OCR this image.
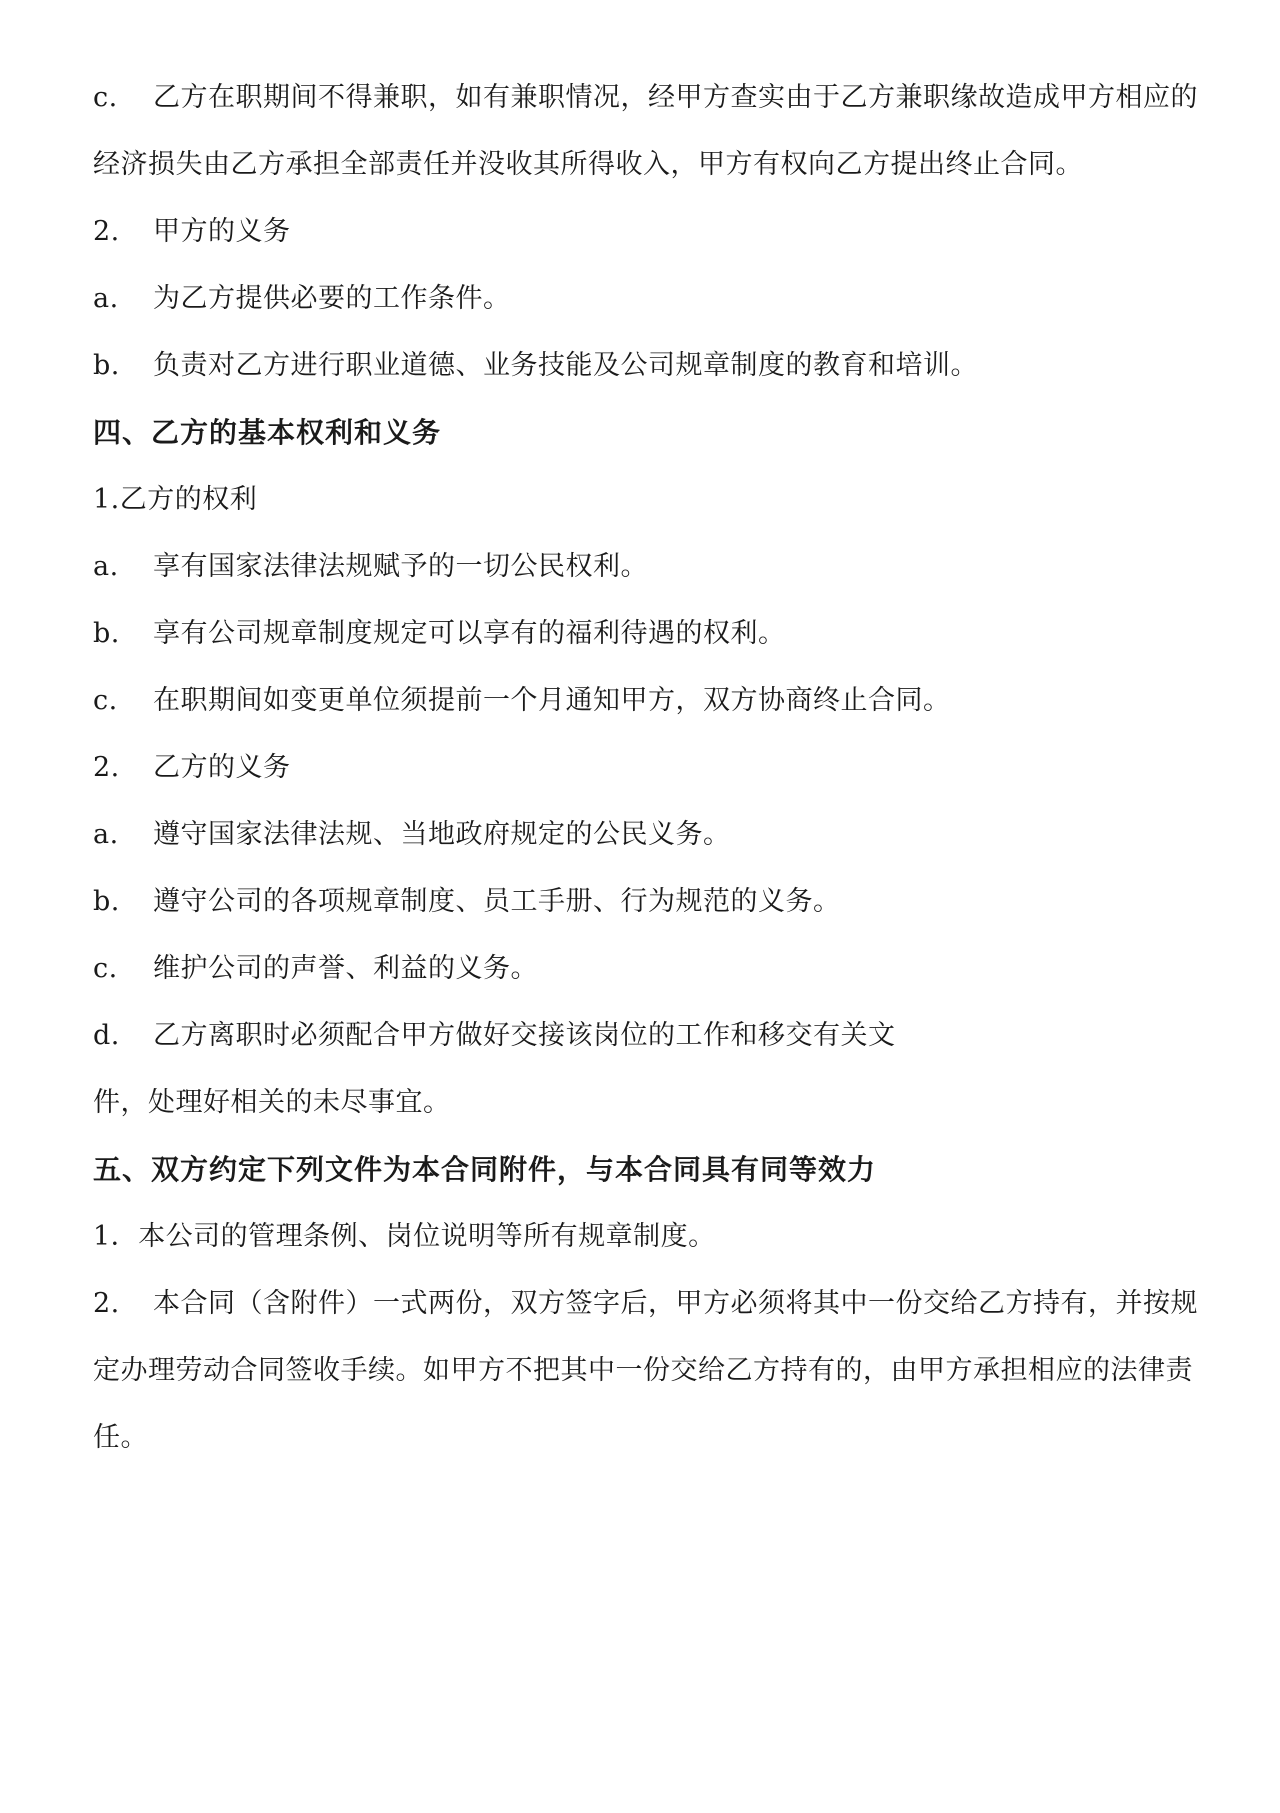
c. 乙方在职期间不得兼职，如有兼职情况，经甲方查实由于乙方兼职缘故造成甲方相应的
经济损失由乙方承担全部责任并没收其所得收入，甲方有权向乙方提出终止合同。
2. 甲方的义务
a. 为乙方提供必要的工作条件。
b. 负责对乙方进行职业道德、业务技能及公司规章制度的教育和培训。
四、乙方的基本权利和义务
1.乙方的权利
a. 享有国家法律法规赋予的一切公民权利。
b. 享有公司规章制度规定可以享有的福利待遇的权利。
c. 在职期间如变更单位须提前一个月通知甲方，双方协商终止合同。
2. 乙方的义务
a. 遵守国家法律法规、当地政府规定的公民义务。
b. 遵守公司的各项规章制度、员工手册、行为规范的义务。
c. 维护公司的声誉、利益的义务。
d. 乙方离职时必须配合甲方做好交接该岗位的工作和移交有关文
件，处理好相关的未尽事宜。
五、双方约定下列文件为本合同附件，与本合同具有同等效力
1．本公司的管理条例、岗位说明等所有规章制度。
2. 本合同（含附件）一式两份，双方签字后，甲方必须将其中一份交给乙方持有，并按规
定办理劳动合同签收手续。如甲方不把其中一份交给乙方持有的，由甲方承担相应的法律责
任。
